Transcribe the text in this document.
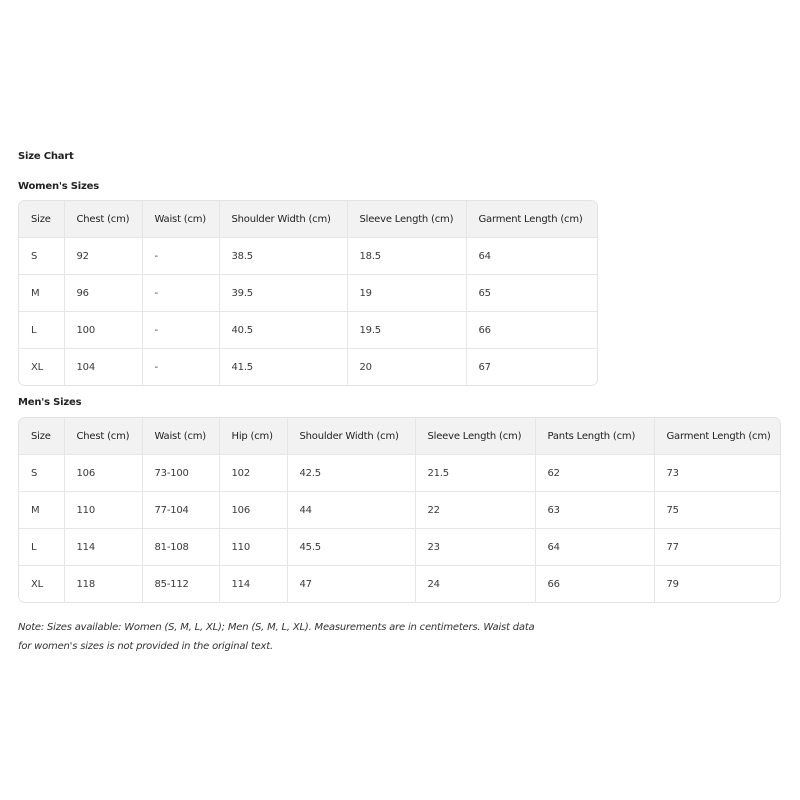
Size Chart
Women's Sizes
Size	Chest (cm)	Waist (cm)	Shoulder Width (cm)	Sleeve Length (cm)	Garment Length (cm)
S	92	-	38.5	18.5	64
M	96	-	39.5	19	65
L	100	-	40.5	19.5	66
XL	104	-	41.5	20	67
Men's Sizes
Size	Chest (cm)	Waist (cm)	Hip (cm)	Shoulder Width (cm)	Sleeve Length (cm)	Pants Length (cm)	Garment Length (cm)
S	106	73-100	102	42.5	21.5	62	73
M	110	77-104	106	44	22	63	75
L	114	81-108	110	45.5	23	64	77
XL	118	85-112	114	47	24	66	79
Note: Sizes available: Women (S, M, L, XL); Men (S, M, L, XL). Measurements are in centimeters. Waist data for women's sizes is not provided in the original text.
